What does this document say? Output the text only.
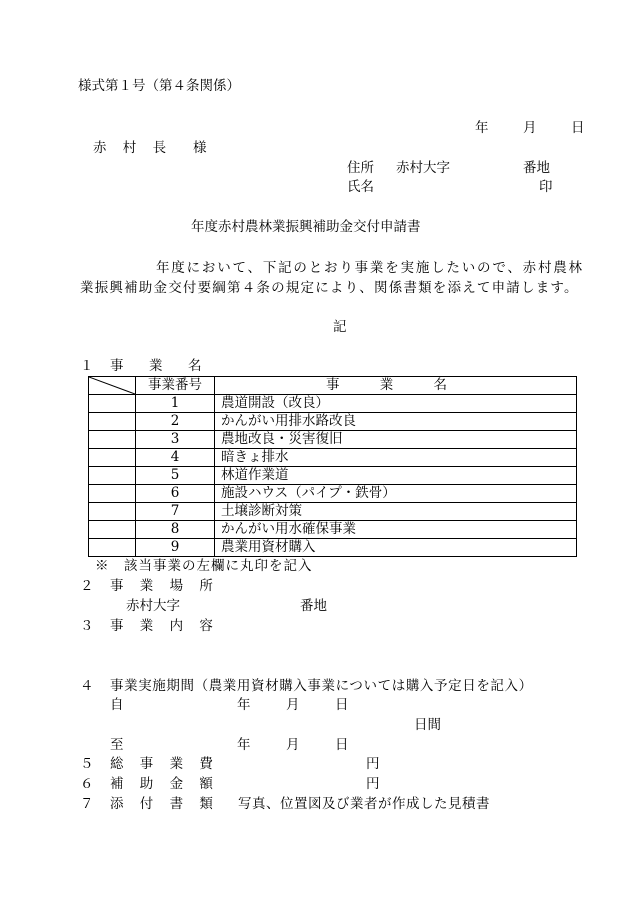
様式第１号（第４条関係）
年	月	日
赤 村 長 様
住所 赤村大字	番地
氏名	印
年度赤村農林業振興補助金交付申請書
年度において、下記のとおり事業を実施したいので、赤村農林
業振興補助金交付要綱第４条の規定により、関係書類を添えて申請します。
記
１ 事　業　名
	事業番号	事 業 名
	1	農道開設（改良）
	2	かんがい用排水路改良
	3	農地改良・災害復旧
	4	暗きょ排水
	5	林道作業道
	6	施設ハウス（パイプ・鉄骨）
	7	土壌診断対策
	8	かんがい用水確保事業
	9	農業用資材購入
※　該当事業の左欄に丸印を記入
２ 事 業 場 所
赤村大字	番地
３ 事 業 内 容
４ 事業実施期間（農業用資材購入事業については購入予定日を記入）
自	年	月	日
日間
至	年	月	日
５ 総 事 業 費	円
６ 補 助 金 額	円
７ 添 付 書 類 写真、位置図及び業者が作成した見積書
